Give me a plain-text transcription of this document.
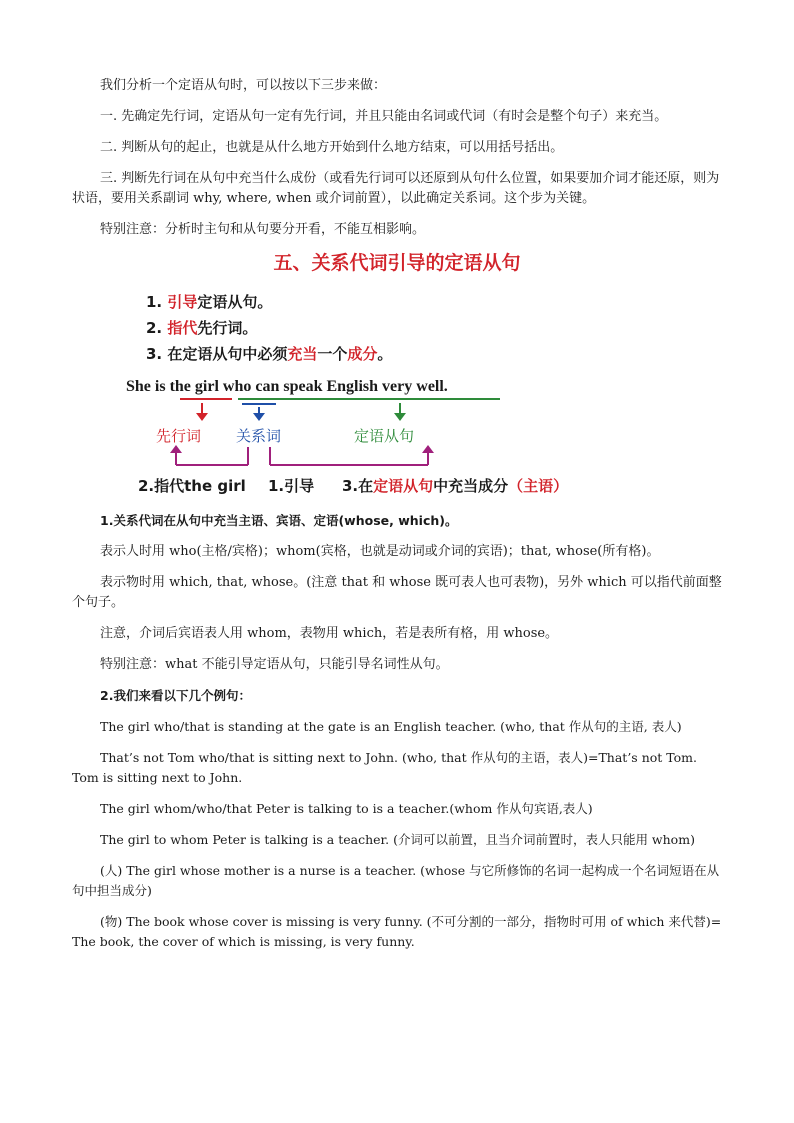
我们分析一个定语从句时，可以按以下三步来做：

一. 先确定先行词，定语从句一定有先行词，并且只能由名词或代词（有时会是整个句子）来充当。

二. 判断从句的起止，也就是从什么地方开始到什么地方结束，可以用括号括出。

三. 判断先行词在从句中充当什么成份（或看先行词可以还原到从句什么位置，如果要加介词才能还原，则为状语，要用关系副词 why, where, when 或介词前置），以此确定关系词。这个步为关键。

特别注意：分析时主句和从句要分开看，不能互相影响。

五、关系代词引导的定语从句
1. 引导定语从句。
2. 指代先行词。
3. 在定语从句中必须充当一个成分。
She is the girl who can speak English very well.
先行词 关系词	定语从句
2.指代the girl 1.引导 3.在定语从句中充当成分（主语）

1.关系代词在从句中充当主语、宾语、定语(whose, which)。

表示人时用 who(主格/宾格)；whom(宾格，也就是动词或介词的宾语)；that, whose(所有格)。

表示物时用 which, that, whose。(注意 that 和 whose 既可表人也可表物)，另外 which 可以指代前面整个句子。

注意，介词后宾语表人用 whom，表物用 which，若是表所有格，用 whose。

特别注意：what 不能引导定语从句，只能引导名词性从句。

2.我们来看以下几个例句：

The girl who/that is standing at the gate is an English teacher. (who, that 作从句的主语, 表人)

That’s not Tom who/that is sitting next to John. (who, that 作从句的主语，表人)=That’s not Tom. Tom is sitting next to John.

The girl whom/who/that Peter is talking to is a teacher.(whom 作从句宾语,表人)

The girl to whom Peter is talking is a teacher. (介词可以前置，且当介词前置时，表人只能用 whom)

(人) The girl whose mother is a nurse is a teacher. (whose 与它所修饰的名词一起构成一个名词短语在从句中担当成分)

(物) The book whose cover is missing is very funny. (不可分割的一部分，指物时可用 of which 来代替)= The book, the cover of which is missing, is very funny.
